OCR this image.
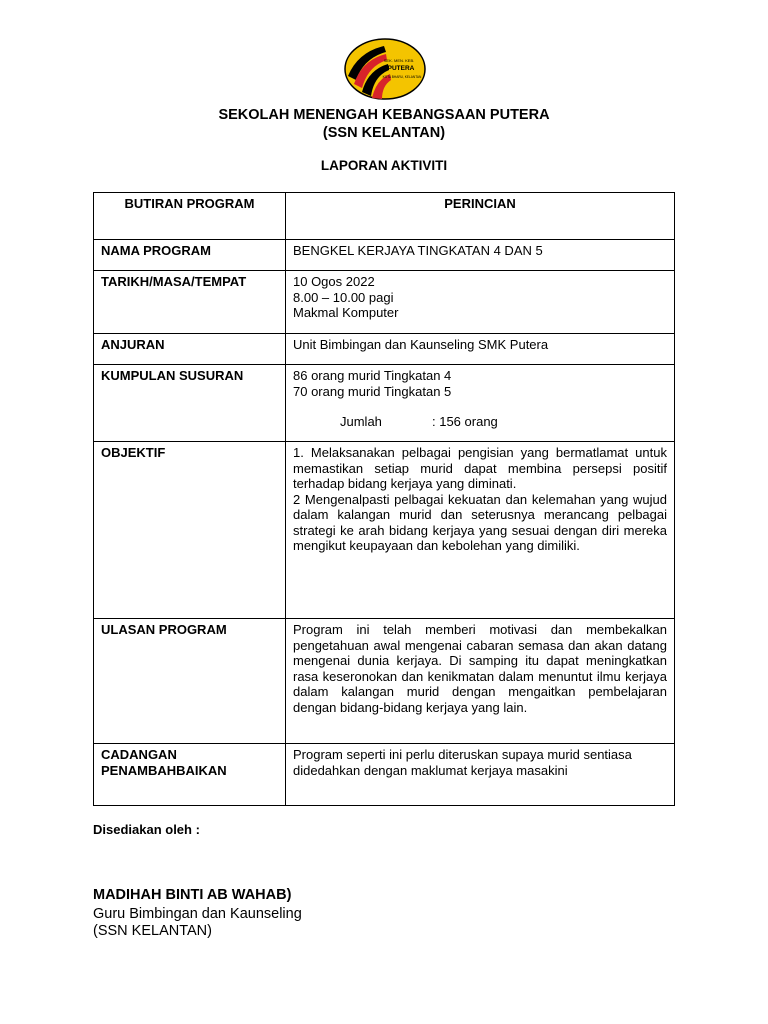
SEK. MEN. KEB.
PUTERA
KOTA BHARU, KELANTAN
SEKOLAH MENENGAH KEBANGSAAN PUTERA
(SSN KELANTAN)
LAPORAN AKTIVITI
BUTIRAN PROGRAM	PERINCIAN
NAMA PROGRAM	BENGKEL KERJAYA TINGKATAN 4 DAN 5
TARIKH/MASA/TEMPAT	10 Ogos 2022
8.00 – 10.00 pagi
Makmal Komputer

ANJURAN	Unit Bimbingan dan Kaunseling SMK Putera
KUMPULAN SUSURAN	86 orang murid Tingkatan 4
70 orang murid Tingkatan 5
Jumlah : 156 orang

OBJEKTIF	1. Melaksanakan pelbagai pengisian yang bermatlamat untuk memastikan setiap murid dapat membina persepsi positif terhadap bidang kerjaya yang diminati.
2 Mengenalpasti pelbagai kekuatan dan kelemahan yang wujud dalam kalangan murid dan seterusnya merancang pelbagai strategi ke arah bidang kerjaya yang sesuai dengan diri mereka mengikut keupayaan dan kebolehan yang dimiliki.

ULASAN PROGRAM	Program ini telah memberi motivasi dan membekalkan pengetahuan awal mengenai cabaran semasa dan akan datang mengenai dunia kerjaya. Di samping itu dapat meningkatkan rasa keseronokan dan kenikmatan dalam menuntut ilmu kerjaya dalam kalangan murid dengan mengaitkan pembelajaran dengan bidang-bidang kerjaya yang lain.

CADANGAN
PENAMBAHBAIKAN	Program seperti ini perlu diteruskan supaya murid sentiasa didedahkan dengan maklumat kerjaya masakini
Disediakan oleh :
MADIHAH BINTI AB WAHAB)
Guru Bimbingan dan Kaunseling
(SSN KELANTAN)
